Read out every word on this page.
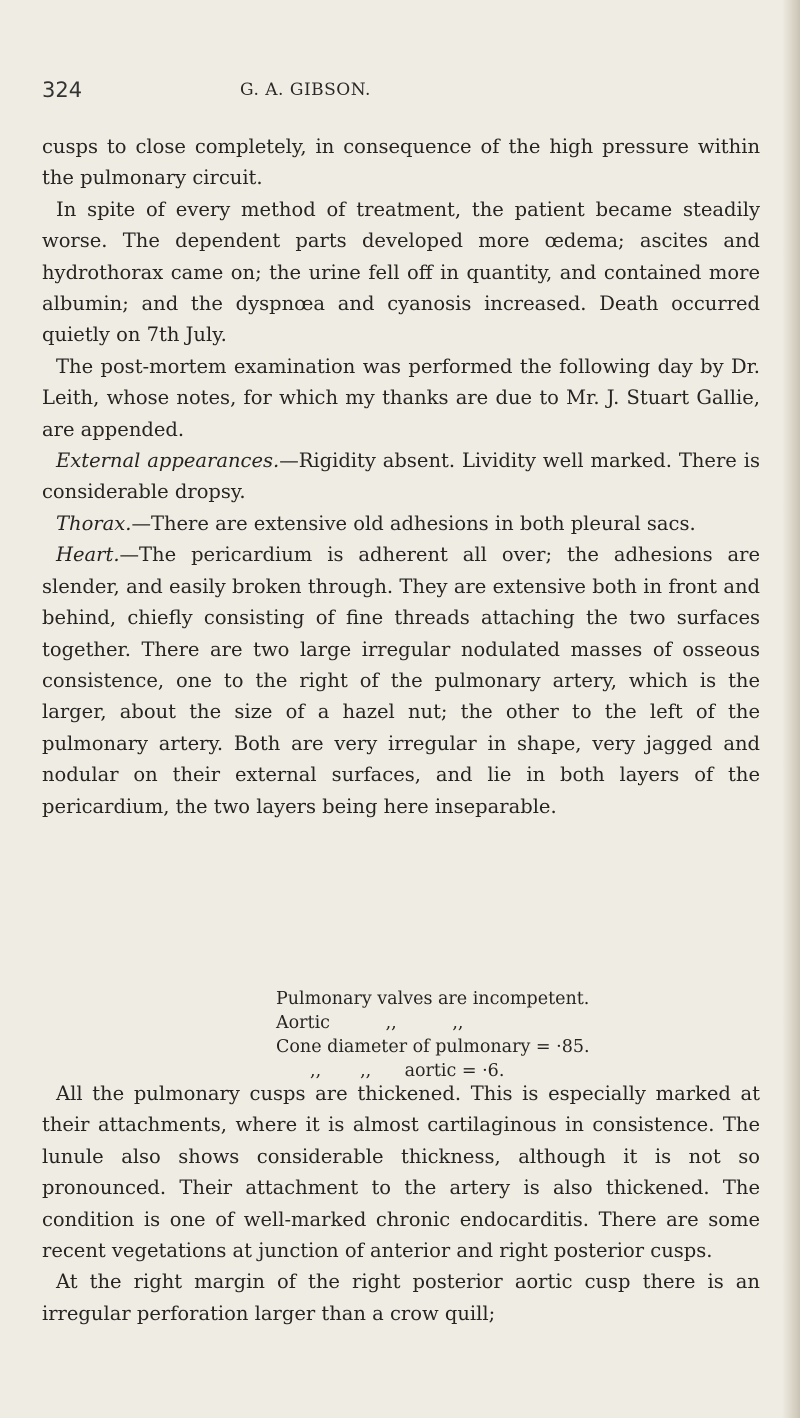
324	G. A. GIBSON.

cusps to close completely, in consequence of the high pressure within the pulmonary circuit.

In spite of every method of treatment, the patient became steadily worse. The dependent parts developed more œdema; ascites and hydrothorax came on; the urine fell off in quantity, and contained more albumin; and the dyspnœa and cyanosis increased. Death occurred quietly on 7th July.

The post-mortem examination was performed the following day by Dr. Leith, whose notes, for which my thanks are due to Mr. J. Stuart Gallie, are appended.

External appearances.—Rigidity absent. Lividity well marked. There is considerable dropsy.

Thorax.—There are extensive old adhesions in both pleural sacs.

Heart.—The pericardium is adherent all over; the adhesions are slender, and easily broken through. They are extensive both in front and behind, chiefly consisting of fine threads attaching the two surfaces together. There are two large irregular nodulated masses of osseous consistence, one to the right of the pulmonary artery, which is the larger, about the size of a hazel nut; the other to the left of the pulmonary artery. Both are very irregular in shape, very jagged and nodular on their external surfaces, and lie in both layers of the pericardium, the two layers being here inseparable.

Pulmonary valves are incompetent.
Aortic          ,,          ,,
Cone diameter of pulmonary = ·85.
,,       ,,      aortic = ·6.

All the pulmonary cusps are thickened. This is especially marked at their attachments, where it is almost cartilaginous in consistence. The lunule also shows considerable thickness, although it is not so pronounced. Their attachment to the artery is also thickened. The condition is one of well-marked chronic endocarditis. There are some recent vegetations at junction of anterior and right posterior cusps.

At the right margin of the right posterior aortic cusp there is an irregular perforation larger than a crow quill;
